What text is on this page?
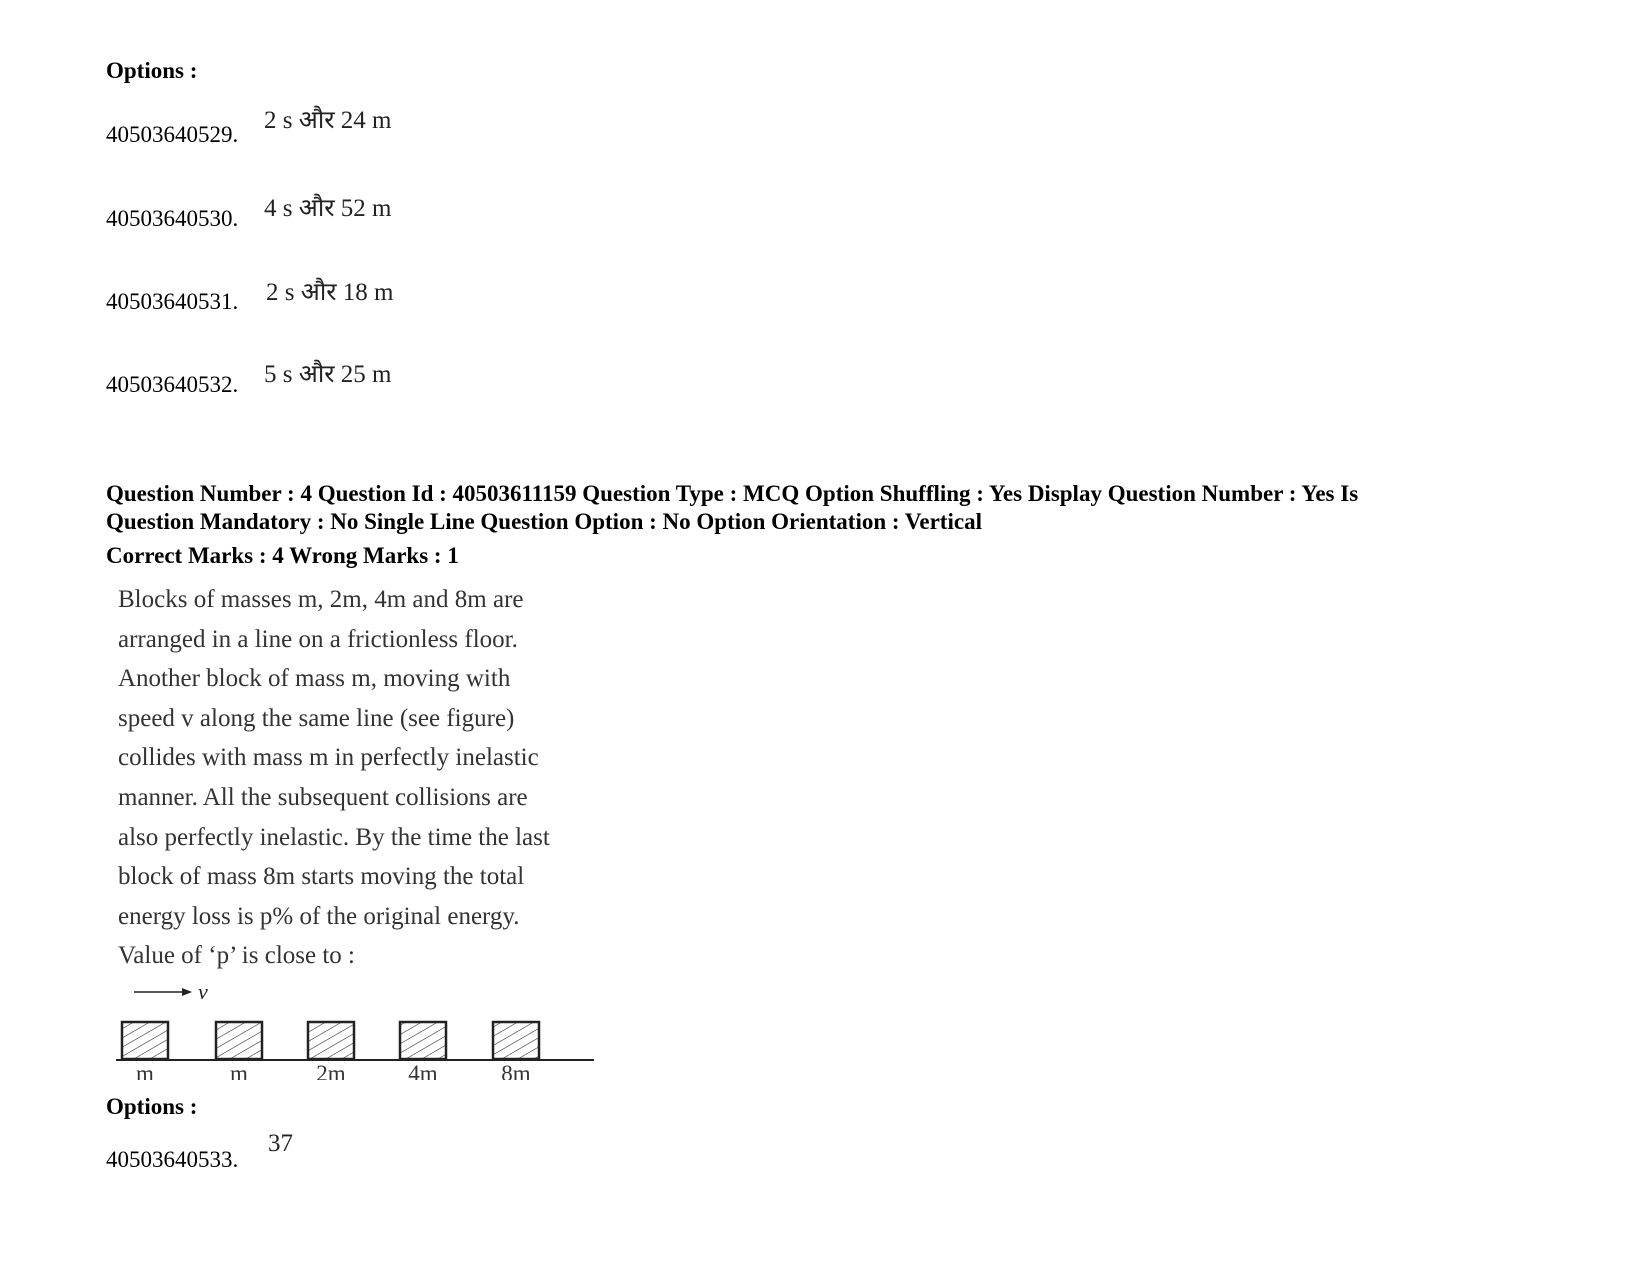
Options :
40503640529.
2 s और 24 m
40503640530. 4 s और 52 m
40503640531. 2 s और 18 m
40503640532. 5 s और 25 m
Question Number : 4 Question Id : 40503611159 Question Type : MCQ Option Shuffling : Yes Display Question Number : Yes Is
Question Mandatory : No Single Line Question Option : No Option Orientation : Vertical
Correct Marks : 4 Wrong Marks : 1
Blocks of masses m, 2m, 4m and 8m are
arranged in a line on a frictionless floor.
Another block of mass m, moving with
speed v along the same line (see figure)
collides with mass m in perfectly inelastic
manner. All the subsequent collisions are
also perfectly inelastic. By the time the last
block of mass 8m starts moving the total
energy loss is p% of the original energy.
Value of ‘p’ is close to :
v
m	m	2m	4m	8m
Options :
40503640533.
37
